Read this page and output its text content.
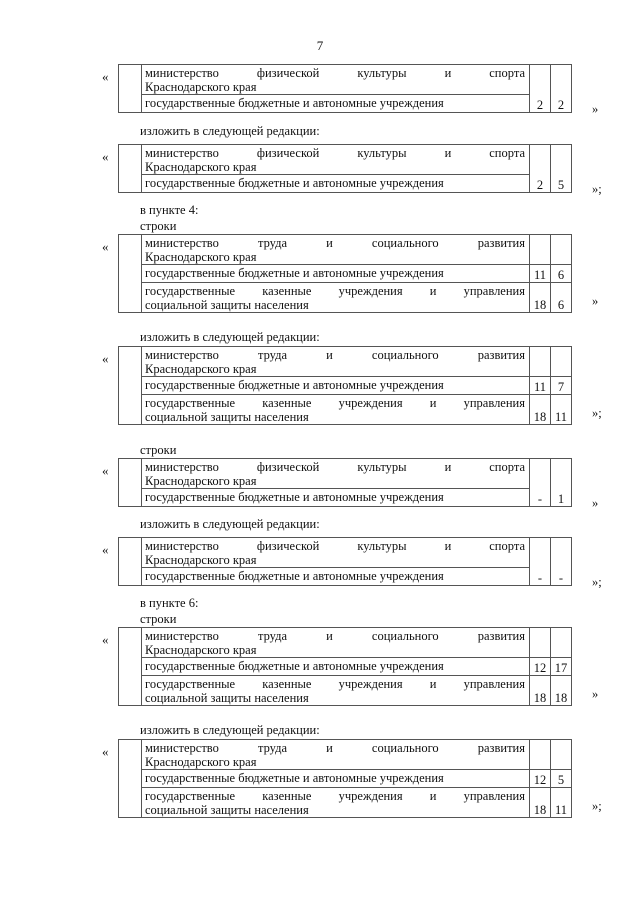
7
«
		министерство физической культуры и спорта
Краснодарского края
	2	2
государственные бюджетные и автономные учреждения	»
изложить в следующей редакции:
«
		министерство физической культуры и спорта
Краснодарского края
	2	5
государственные бюджетные и автономные учреждения	»;
в пункте 4:
строки
«

	министерство труда и социального развития
Краснодарского края		

	государственные бюджетные и автономные учреждения	11	6

	государственные казенные учреждения и управления
социальной защиты населения	18	6 »
изложить в следующей редакции:
«

	министерство труда и социального развития
Краснодарского края		

	государственные бюджетные и автономные учреждения	11	7

	государственные казенные учреждения и управления
социальной защиты населения	18	11 »;
строки
«
		министерство физической культуры и спорта
Краснодарского края
	-	1
государственные бюджетные и автономные учреждения	»
изложить в следующей редакции:
«
		министерство физической культуры и спорта
Краснодарского края
	-	-
государственные бюджетные и автономные учреждения	»;
в пункте 6:
строки
«

	министерство труда и социального развития
Краснодарского края		

	государственные бюджетные и автономные учреждения	12	17

	государственные казенные учреждения и управления
социальной защиты населения	18	18 »
изложить в следующей редакции:
«

	министерство труда и социального развития
Краснодарского края		

	государственные бюджетные и автономные учреждения	12	5

	государственные казенные учреждения и управления
социальной защиты населения	18	11 »;
